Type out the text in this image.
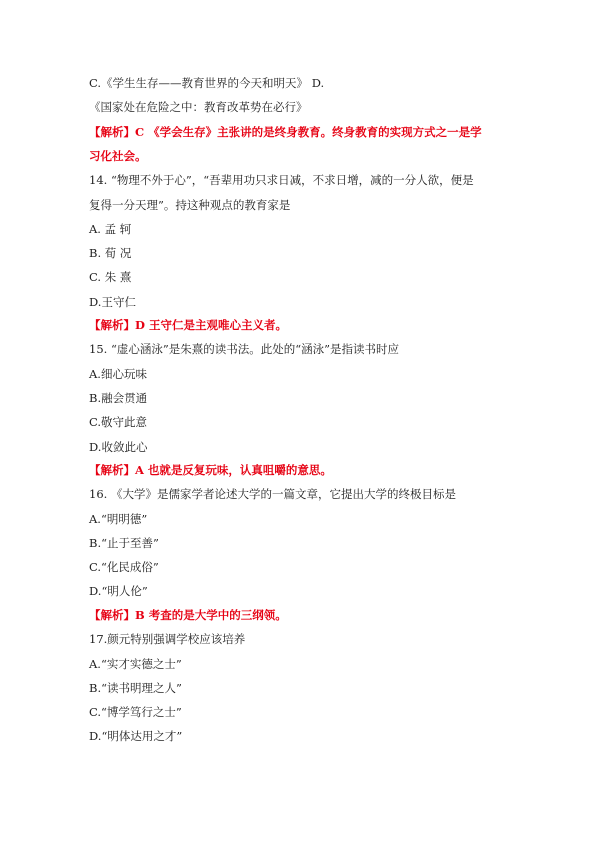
C.《学生生存——教育世界的今天和明天》 D.
《国家处在危险之中：教育改革势在必行》
【解析】C 《学会生存》主张讲的是终身教育。终身教育的实现方式之一是学
习化社会。
14. “物理不外于心”，“吾辈用功只求日减，不求日增，减的一分人欲，便是
复得一分天理”。持这种观点的教育家是
A. 孟 轲
B. 荀 况
C. 朱 熹
D.王守仁
【解析】D 王守仁是主观唯心主义者。
15. “虚心涵泳”是朱熹的读书法。此处的“涵泳”是指读书时应
A.细心玩味
B.融会贯通
C.敬守此意
D.收敛此心
【解析】A 也就是反复玩味，认真咀嚼的意思。
16. 《大学》是儒家学者论述大学的一篇文章，它提出大学的终极目标是
A.“明明德”
B.“止于至善”
C.“化民成俗”
D.“明人伦”
【解析】B 考查的是大学中的三纲领。
17.颜元特别强调学校应该培养
A.“实才实德之士”
B.“读书明理之人”
C.“博学笃行之士”
D.“明体达用之才”
